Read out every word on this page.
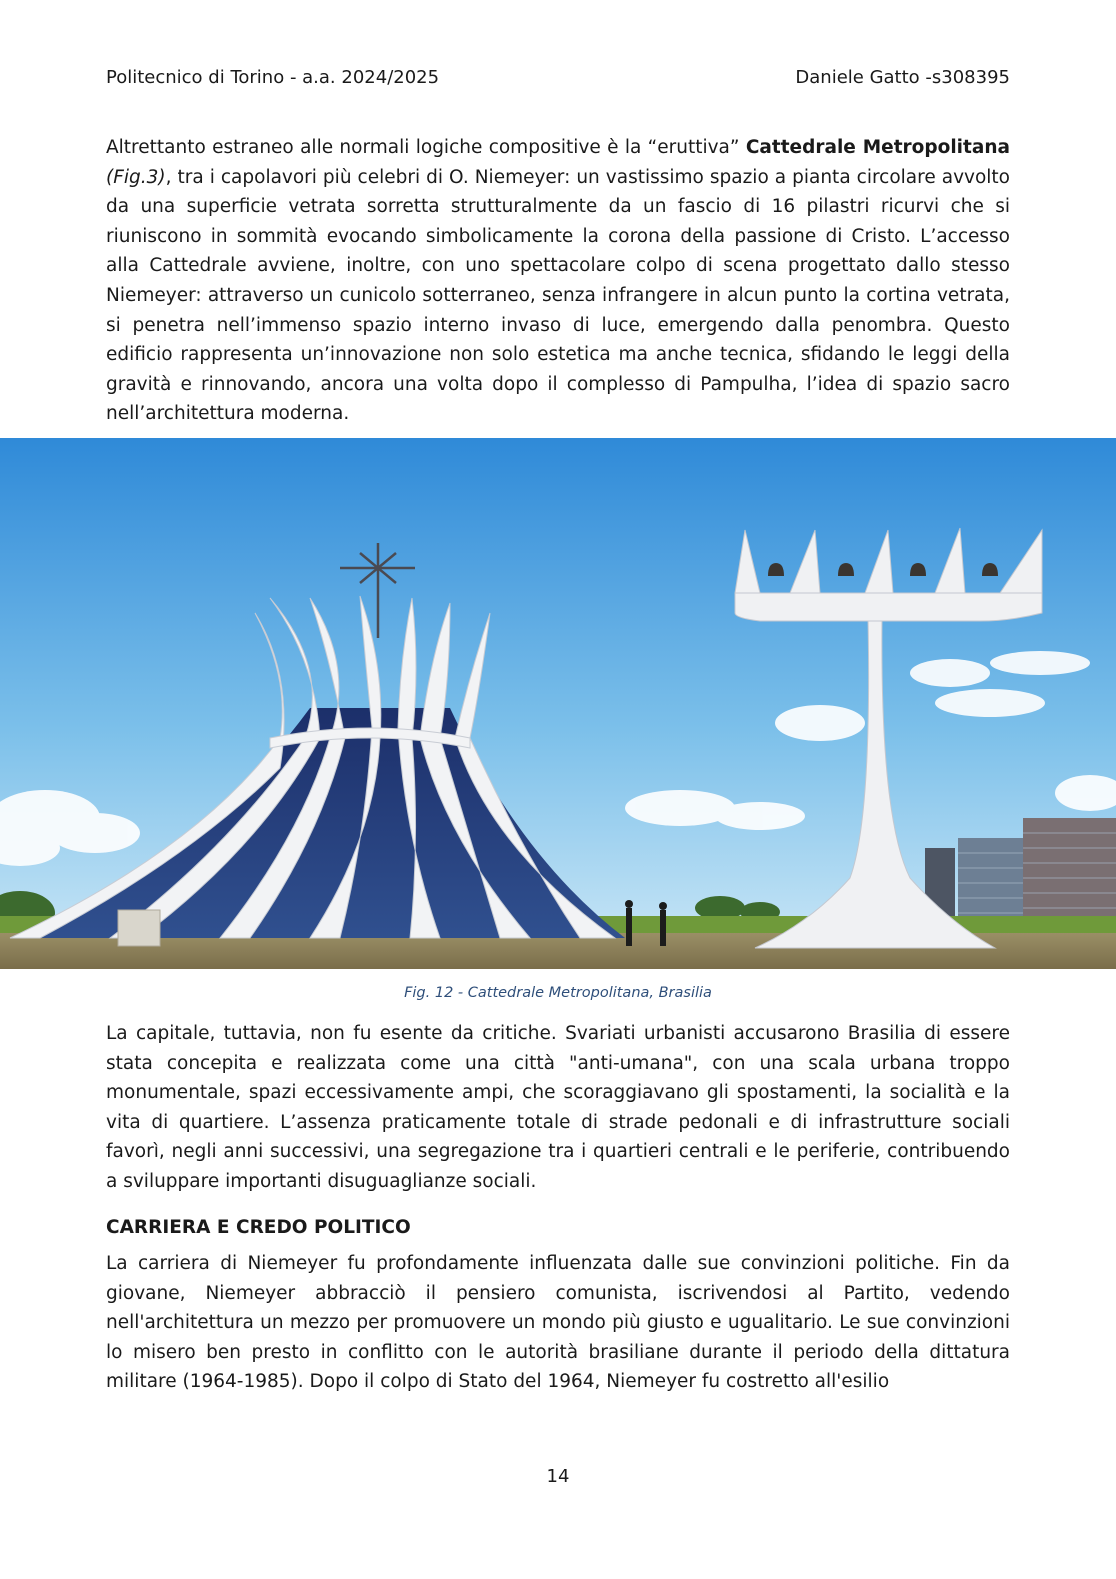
Politecnico di Torino - a.a. 2024/2025	Daniele Gatto -s308395

Altrettanto estraneo alle normali logiche compositive è la “eruttiva” Cattedrale Metropolitana (Fig.3), tra i capolavori più celebri di O. Niemeyer: un vastissimo spazio a pianta circolare avvolto da una superficie vetrata sorretta strutturalmente da un fascio di 16 pilastri ricurvi che si riuniscono in sommità evocando simbolicamente la corona della passione di Cristo. L’accesso alla Cattedrale avviene, inoltre, con uno spettacolare colpo di scena progettato dallo stesso Niemeyer: attraverso un cunicolo sotterraneo, senza infrangere in alcun punto la cortina vetrata, si penetra nell’immenso spazio interno invaso di luce, emergendo dalla penombra. Questo edificio rappresenta un’innovazione non solo estetica ma anche tecnica, sfidando le leggi della gravità e rinnovando, ancora una volta dopo il complesso di Pampulha, l’idea di spazio sacro nell’architettura moderna.

Fig. 12 - Cattedrale Metropolitana, Brasilia

La capitale, tuttavia, non fu esente da critiche. Svariati urbanisti accusarono Brasilia di essere stata concepita e realizzata come una città "anti-umana", con una scala urbana troppo monumentale, spazi eccessivamente ampi, che scoraggiavano gli spostamenti, la socialità e la vita di quartiere. L’assenza praticamente totale di strade pedonali e di infrastrutture sociali favorì, negli anni successivi, una segregazione tra i quartieri centrali e le periferie, contribuendo a sviluppare importanti disuguaglianze sociali.

CARRIERA E CREDO POLITICO

La carriera di Niemeyer fu profondamente influenzata dalle sue convinzioni politiche. Fin da giovane, Niemeyer abbracciò il pensiero comunista, iscrivendosi al Partito, vedendo nell'architettura un mezzo per promuovere un mondo più giusto e ugualitario. Le sue convinzioni lo misero ben presto in conflitto con le autorità brasiliane durante il periodo della dittatura militare (1964-1985). Dopo il colpo di Stato del 1964, Niemeyer fu costretto all'esilio

14
